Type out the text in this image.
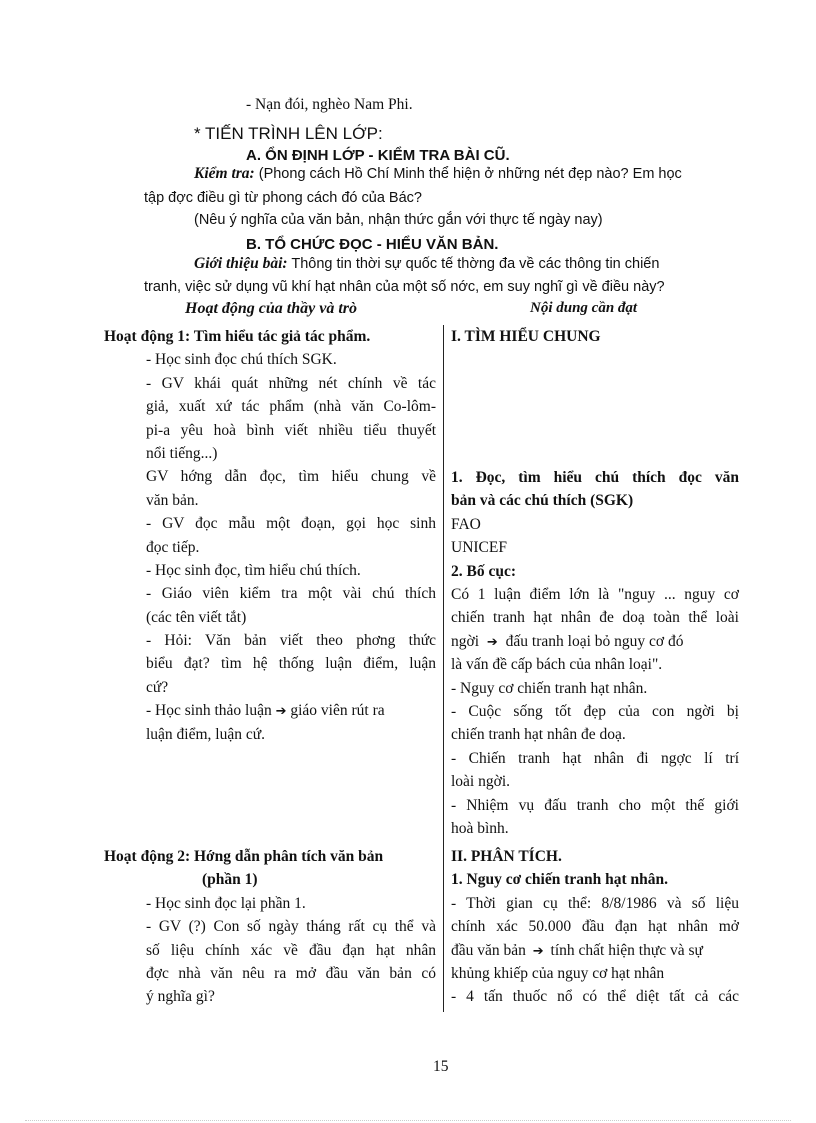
- Nạn đói, nghèo Nam Phi.
* TIẾN TRÌNH LÊN LỚP:
A. ỔN ĐỊNH LỚP - KIỂM TRA BÀI CŨ.
Kiểm tra: (Phong cách Hồ Chí Minh thể hiện ở những nét đẹp nào? Em học
tập đợc điều gì từ phong cách đó của Bác?
(Nêu ý nghĩa của văn bản, nhận thức gắn với thực tế ngày nay)
B. TỔ CHỨC ĐỌC - HIỂU VĂN BẢN.
Giới thiệu bài: Thông tin thời sự quốc tế thờng đa về các thông tin chiến
tranh, việc sử dụng vũ khí hạt nhân của một số nớc, em suy nghĩ gì về điều này?
Hoạt động của thầy và trò	Nội dung cần đạt
Hoạt động 1: Tìm hiểu tác giả tác phẩm.
- Học sinh đọc chú thích SGK.
- GV khái quát những nét chính về tác
giả, xuất xứ tác phẩm (nhà văn Co-lôm-
pi-a yêu hoà bình viết nhiều tiểu thuyết
nổi tiếng...)
GV hớng dẫn đọc, tìm hiểu chung về
văn bản.
- GV đọc mẫu một đoạn, gọi học sinh
đọc tiếp.
- Học sinh đọc, tìm hiểu chú thích.
- Giáo viên kiểm tra một vài chú thích
(các tên viết tắt)
- Hỏi: Văn bản viết theo phơng thức
biểu đạt? tìm hệ thống luận điểm, luận
cứ?
- Học sinh thảo luận ➔ giáo viên rút ra
luận điểm, luận cứ.
I. TÌM HIỂU CHUNG
1. Đọc, tìm hiểu chú thích đọc văn
bản và các chú thích (SGK)
FAO
UNICEF
2. Bố cục:
Có 1 luận điểm lớn là "nguy ... nguy cơ
chiến tranh hạt nhân đe doạ toàn thể loài
ngời ➔ đấu tranh loại bỏ nguy cơ đó
là vấn đề cấp bách của nhân loại".
- Nguy cơ chiến tranh hạt nhân.
- Cuộc sống tốt đẹp của con ngời bị
chiến tranh hạt nhân đe doạ.
- Chiến tranh hạt nhân đi ngợc lí trí
loài ngời.
- Nhiệm vụ đấu tranh cho một thế giới
hoà bình.
Hoạt động 2: Hớng dẫn phân tích văn bản
(phần 1)
- Học sinh đọc lại phần 1.
- GV (?) Con số ngày tháng rất cụ thể và
số liệu chính xác về đầu đạn hạt nhân
đợc nhà văn nêu ra mở đầu văn bản có
ý nghĩa gì?
II. PHÂN TÍCH.
1. Nguy cơ chiến tranh hạt nhân.
- Thời gian cụ thể: 8/8/1986 và số liệu
chính xác 50.000 đầu đạn hạt nhân mở
đầu văn bản ➔ tính chất hiện thực và sự
khủng khiếp của nguy cơ hạt nhân
- 4 tấn thuốc nổ có thể diệt tất cả các
15
